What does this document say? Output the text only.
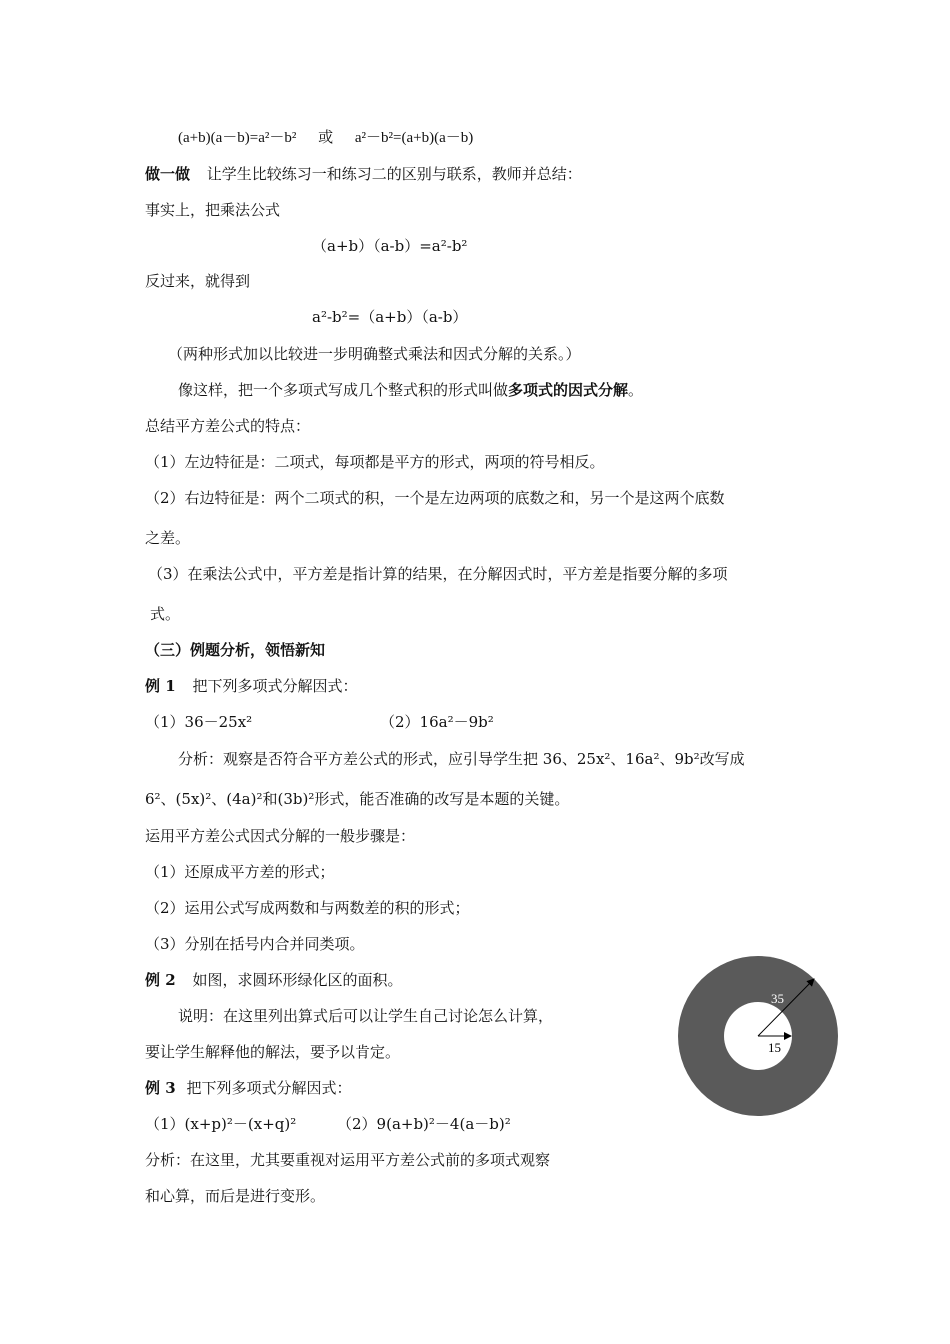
(a+b)(a－b)=a²－b² 或 a²－b²=(a+b)(a－b)
做一做 让学生比较练习一和练习二的区别与联系，教师并总结：
事实上，把乘法公式
（a+b）（a-b）=a²-b²
反过来，就得到
a²-b²=（a+b）（a-b）
（两种形式加以比较进一步明确整式乘法和因式分解的关系。）
像这样，把一个多项式写成几个整式积的形式叫做多项式的因式分解。
总结平方差公式的特点：
（1）左边特征是：二项式，每项都是平方的形式，两项的符号相反。
（2）右边特征是：两个二项式的积，一个是左边两项的底数之和，另一个是这两个底数
之差。
（3）在乘法公式中，平方差是指计算的结果，在分解因式时，平方差是指要分解的多项
式。
（三）例题分析，领悟新知
例 1 把下列多项式分解因式：
（1）36－25x²	（2）16a²－9b²
分析：观察是否符合平方差公式的形式，应引导学生把 36、25x²、16a²、9b²改写成
6²、(5x)²、(4a)²和(3b)²形式，能否准确的改写是本题的关键。
运用平方差公式因式分解的一般步骤是：
（1）还原成平方差的形式；
（2）运用公式写成两数和与两数差的积的形式；
（3）分别在括号内合并同类项。
例 2 如图，求圆环形绿化区的面积。
说明：在这里列出算式后可以让学生自己讨论怎么计算，
要让学生解释他的解法，要予以肯定。
例 3 把下列多项式分解因式：
（1）(x+p)²－(x+q)²	（2）9(a+b)²－4(a－b)²
分析：在这里，尤其要重视对运用平方差公式前的多项式观察
和心算，而后是进行变形。
35
15
